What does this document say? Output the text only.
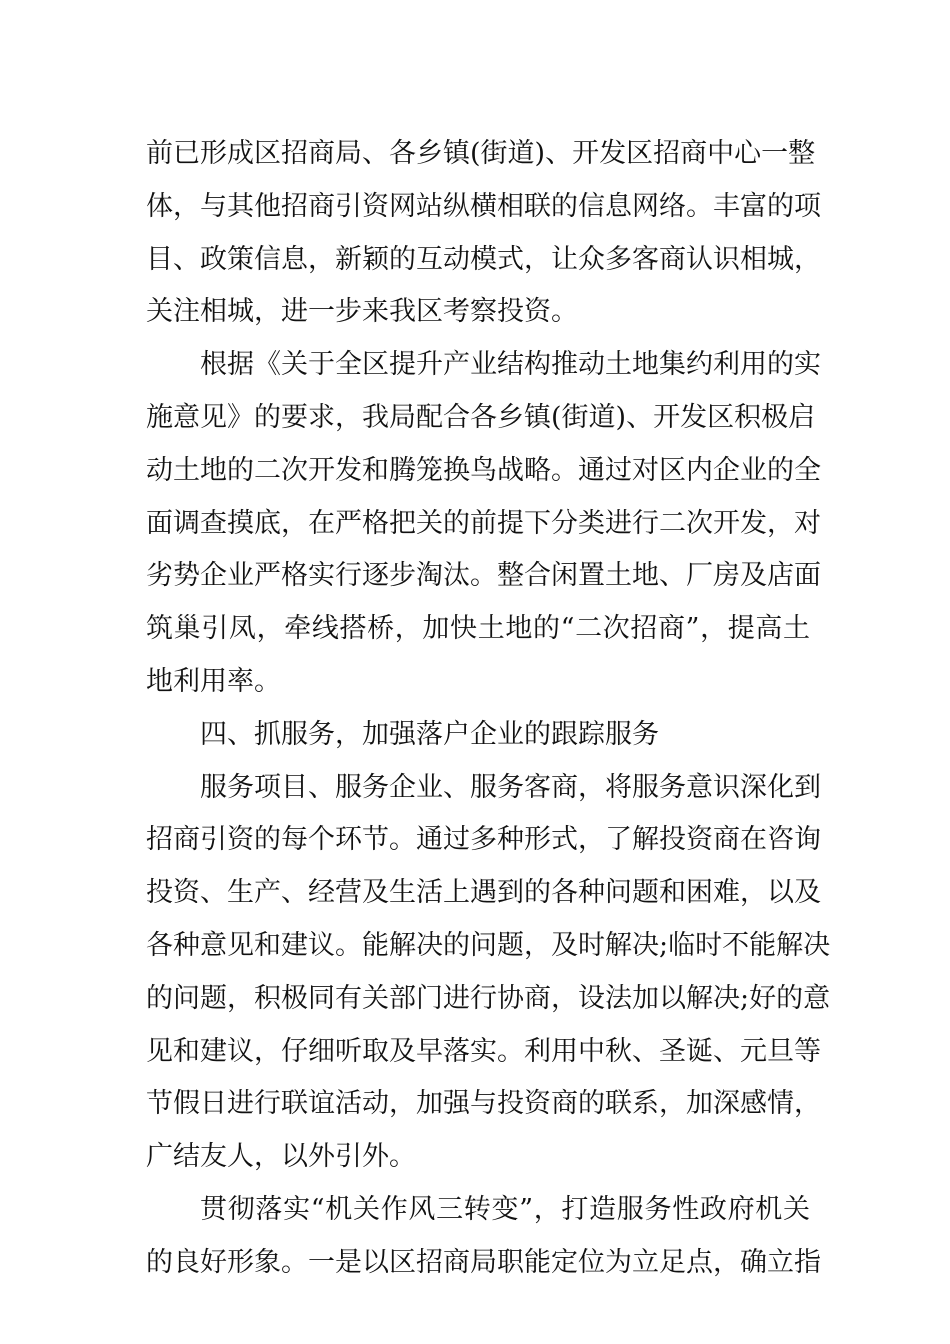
前已形成区招商局、各乡镇(街道)、开发区招商中心一整
体，与其他招商引资网站纵横相联的信息网络。丰富的项
目、政策信息，新颖的互动模式，让众多客商认识相城，
关注相城，进一步来我区考察投资。
根据《关于全区提升产业结构推动土地集约利用的实
施意见》的要求，我局配合各乡镇(街道)、开发区积极启
动土地的二次开发和腾笼换鸟战略。通过对区内企业的全
面调查摸底，在严格把关的前提下分类进行二次开发，对
劣势企业严格实行逐步淘汰。整合闲置土地、厂房及店面
筑巢引凤，牵线搭桥，加快土地的“二次招商”，提高土
地利用率。
四、抓服务，加强落户企业的跟踪服务
服务项目、服务企业、服务客商，将服务意识深化到
招商引资的每个环节。通过多种形式，了解投资商在咨询
投资、生产、经营及生活上遇到的各种问题和困难，以及
各种意见和建议。能解决的问题，及时解决;临时不能解决
的问题，积极同有关部门进行协商，设法加以解决;好的意
见和建议，仔细听取及早落实。利用中秋、圣诞、元旦等
节假日进行联谊活动，加强与投资商的联系，加深感情，
广结友人，以外引外。
贯彻落实“机关作风三转变”，打造服务性政府机关
的良好形象。一是以区招商局职能定位为立足点，确立指
